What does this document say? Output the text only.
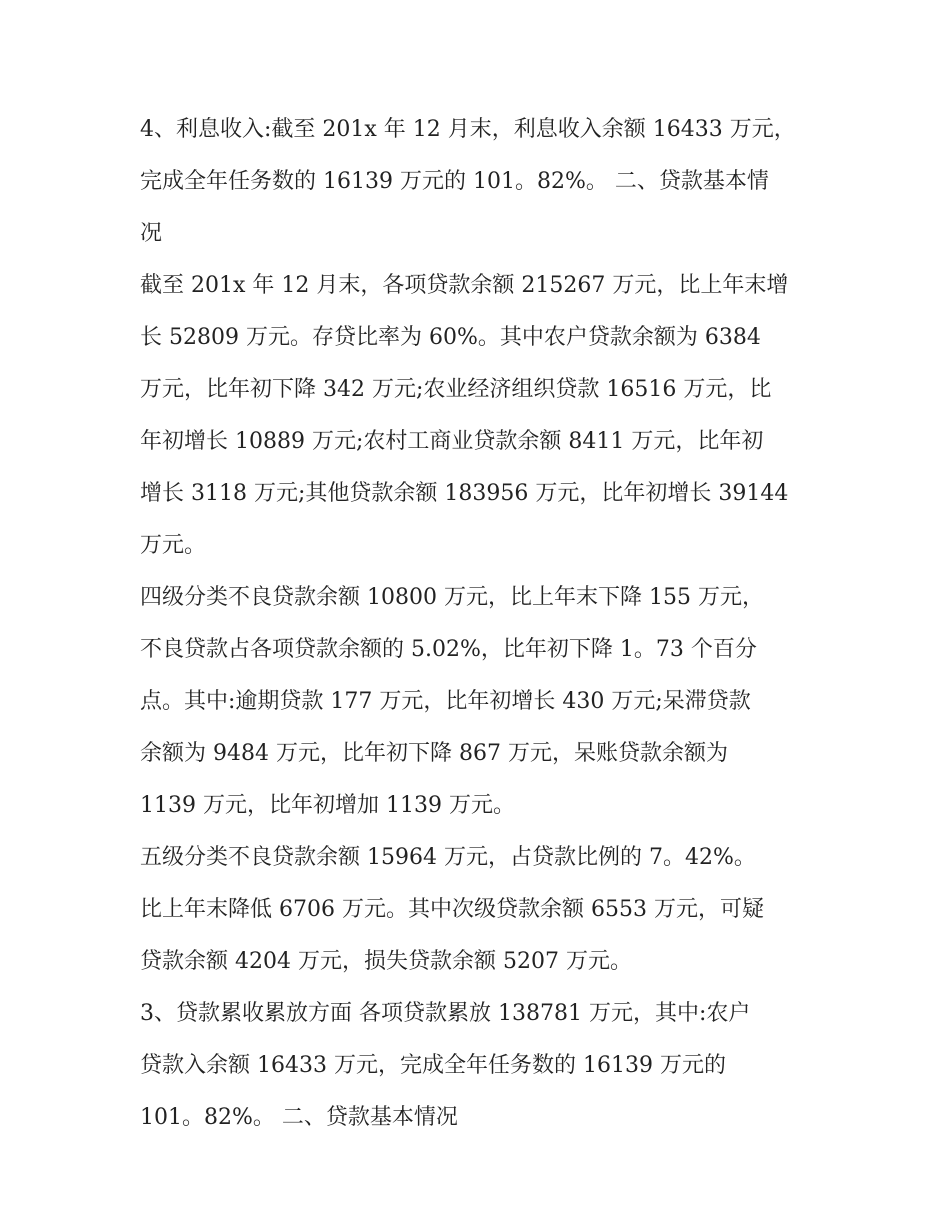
4、利息收入:截至 201x 年 12 月末，利息收入余额 16433 万元，
完成全年任务数的 16139 万元的 101。82%。 二、贷款基本情
况
截至 201x 年 12 月末，各项贷款余额 215267 万元，比上年末增
长 52809 万元。存贷比率为 60%。其中农户贷款余额为 6384
万元，比年初下降 342 万元;农业经济组织贷款 16516 万元，比
年初增长 10889 万元;农村工商业贷款余额 8411 万元，比年初
增长 3118 万元;其他贷款余额 183956 万元，比年初增长 39144
万元。
四级分类不良贷款余额 10800 万元，比上年末下降 155 万元，
不良贷款占各项贷款余额的 5.02%，比年初下降 1。73 个百分
点。其中:逾期贷款 177 万元，比年初增长 430 万元;呆滞贷款
余额为 9484 万元，比年初下降 867 万元，呆账贷款余额为
1139 万元，比年初增加 1139 万元。
五级分类不良贷款余额 15964 万元，占贷款比例的 7。42%。
比上年末降低 6706 万元。其中次级贷款余额 6553 万元，可疑
贷款余额 4204 万元，损失贷款余额 5207 万元。
3、贷款累收累放方面 各项贷款累放 138781 万元，其中:农户
贷款入余额 16433 万元，完成全年任务数的 16139 万元的
101。82%。 二、贷款基本情况
